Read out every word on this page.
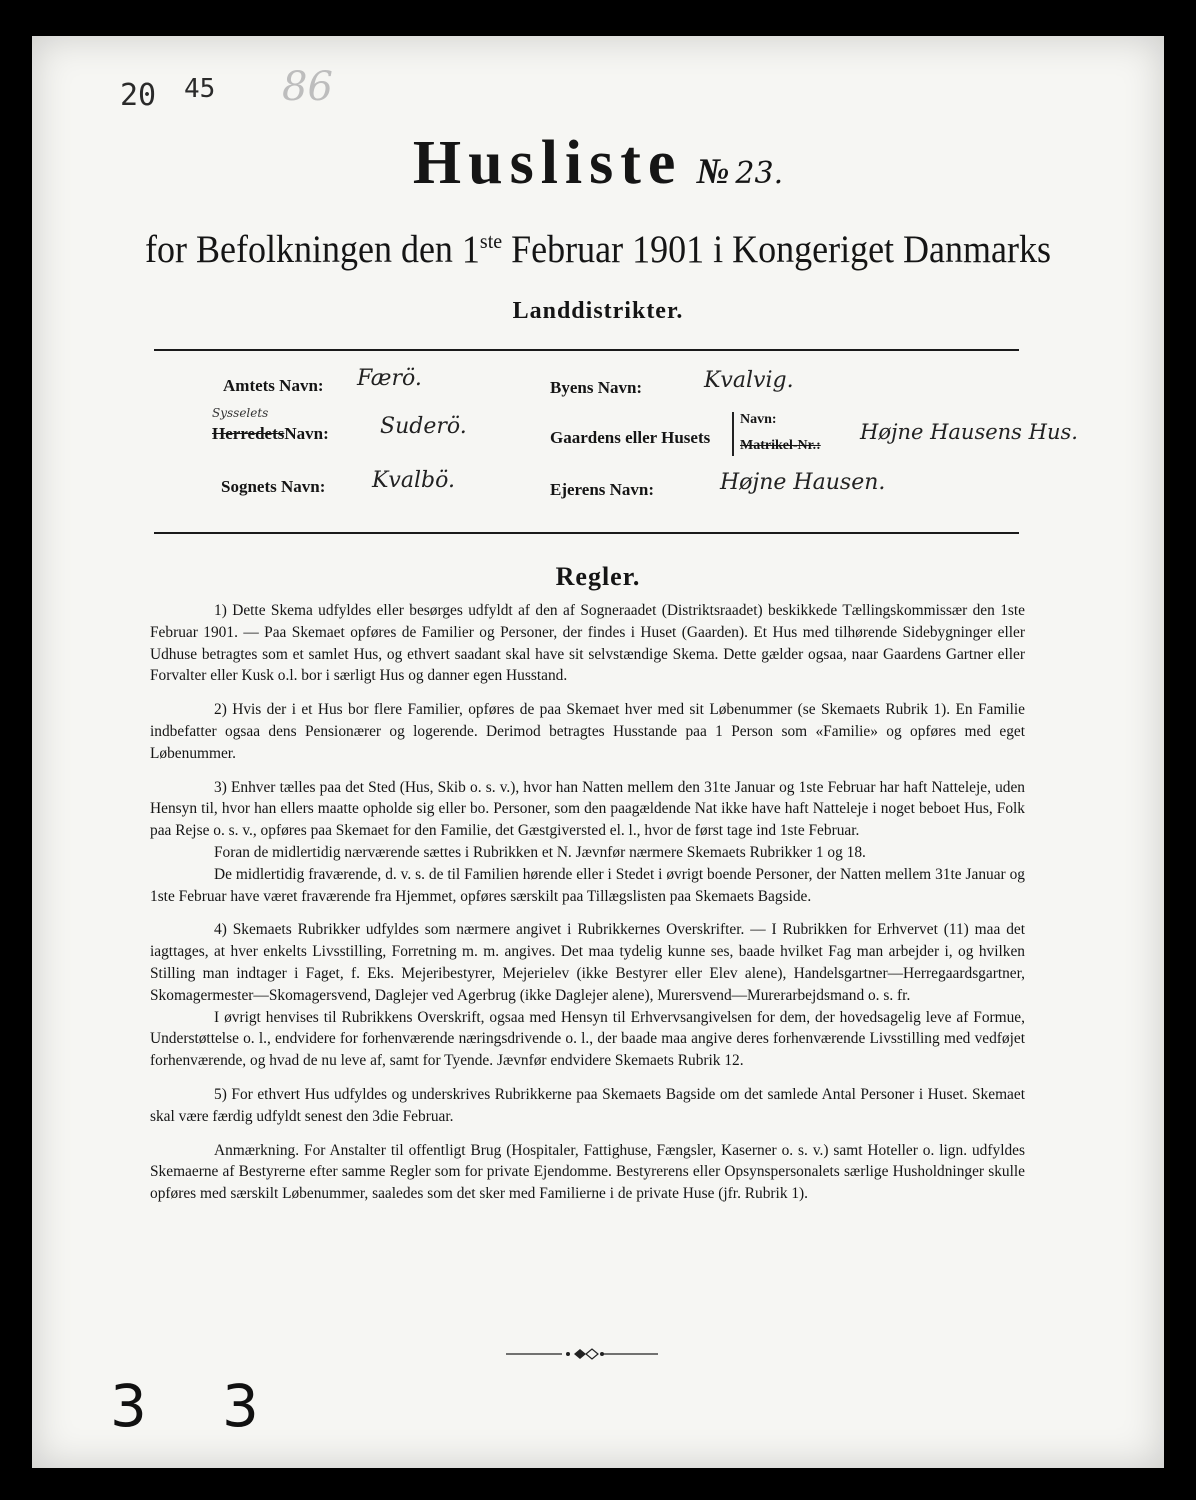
20 45 86
Husliste № 23.
for Befolkningen den 1ste Februar 1901 i Kongeriget Danmarks
Landdistrikter.
Amtets Navn: Færö.
Sysselets
HerredetsNavn: Suderö.
Sognets Navn: Kvalbö.
Byens Navn:	Kvalvig.
Gaardens eller Husets
Navn:
Matrikel-Nr.:
Højne Hausens Hus.
Ejerens Navn:	Højne Hausen.
Regler.

1) Dette Skema udfyldes eller besørges udfyldt af den af Sogneraadet (Distriktsraadet) beskikkede Tællingskommissær den 1ste Februar 1901. — Paa Skemaet opføres de Familier og Personer, der findes i Huset (Gaarden). Et Hus med tilhørende Sidebygninger eller Udhuse betragtes som et samlet Hus, og ethvert saadant skal have sit selvstændige Skema. Dette gælder ogsaa, naar Gaardens Gartner eller Forvalter eller Kusk o.l. bor i særligt Hus og danner egen Husstand.

2) Hvis der i et Hus bor flere Familier, opføres de paa Skemaet hver med sit Løbenummer (se Skemaets Rubrik 1). En Familie indbefatter ogsaa dens Pensionærer og logerende. Derimod betragtes Husstande paa 1 Person som «Familie» og opføres med eget Løbenummer.

3) Enhver tælles paa det Sted (Hus, Skib o. s. v.), hvor han Natten mellem den 31te Januar og 1ste Februar har haft Natteleje, uden Hensyn til, hvor han ellers maatte opholde sig eller bo. Personer, som den paagældende Nat ikke have haft Natteleje i noget beboet Hus, Folk paa Rejse o. s. v., opføres paa Skemaet for den Familie, det Gæstgiversted el. l., hvor de først tage ind 1ste Februar.

Foran de midlertidig nærværende sættes i Rubrikken et N. Jævnfør nærmere Skemaets Rubrikker 1 og 18.

De midlertidig fraværende, d. v. s. de til Familien hørende eller i Stedet i øvrigt boende Personer, der Natten mellem 31te Januar og 1ste Februar have været fraværende fra Hjemmet, opføres særskilt paa Tillægslisten paa Skemaets Bagside.

4) Skemaets Rubrikker udfyldes som nærmere angivet i Rubrikkernes Overskrifter. — I Rubrikken for Erhvervet (11) maa det iagttages, at hver enkelts Livsstilling, Forretning m. m. angives. Det maa tydelig kunne ses, baade hvilket Fag man arbejder i, og hvilken Stilling man indtager i Faget, f. Eks. Mejeribestyrer, Mejerielev (ikke Bestyrer eller Elev alene), Handelsgartner—Herregaardsgartner, Skomagermester—Skomagersvend, Daglejer ved Agerbrug (ikke Daglejer alene), Murersvend—Murerarbejdsmand o. s. fr.

I øvrigt henvises til Rubrikkens Overskrift, ogsaa med Hensyn til Erhvervsangivelsen for dem, der hovedsagelig leve af Formue, Understøttelse o. l., endvidere for forhenværende næringsdrivende o. l., der baade maa angive deres forhenværende Livsstilling med vedføjet forhenværende, og hvad de nu leve af, samt for Tyende. Jævnfør endvidere Skemaets Rubrik 12.

5) For ethvert Hus udfyldes og underskrives Rubrikkerne paa Skemaets Bagside om det samlede Antal Personer i Huset. Skemaet skal være færdig udfyldt senest den 3die Februar.

Anmærkning. For Anstalter til offentligt Brug (Hospitaler, Fattighuse, Fængsler, Kaserner o. s. v.) samt Hoteller o. lign. udfyldes Skemaerne af Bestyrerne efter samme Regler som for private Ejendomme. Bestyrerens eller Opsynspersonalets særlige Husholdninger skulle opføres med særskilt Løbenummer, saaledes som det sker med Familierne i de private Huse (jfr. Rubrik 1).

3 3
